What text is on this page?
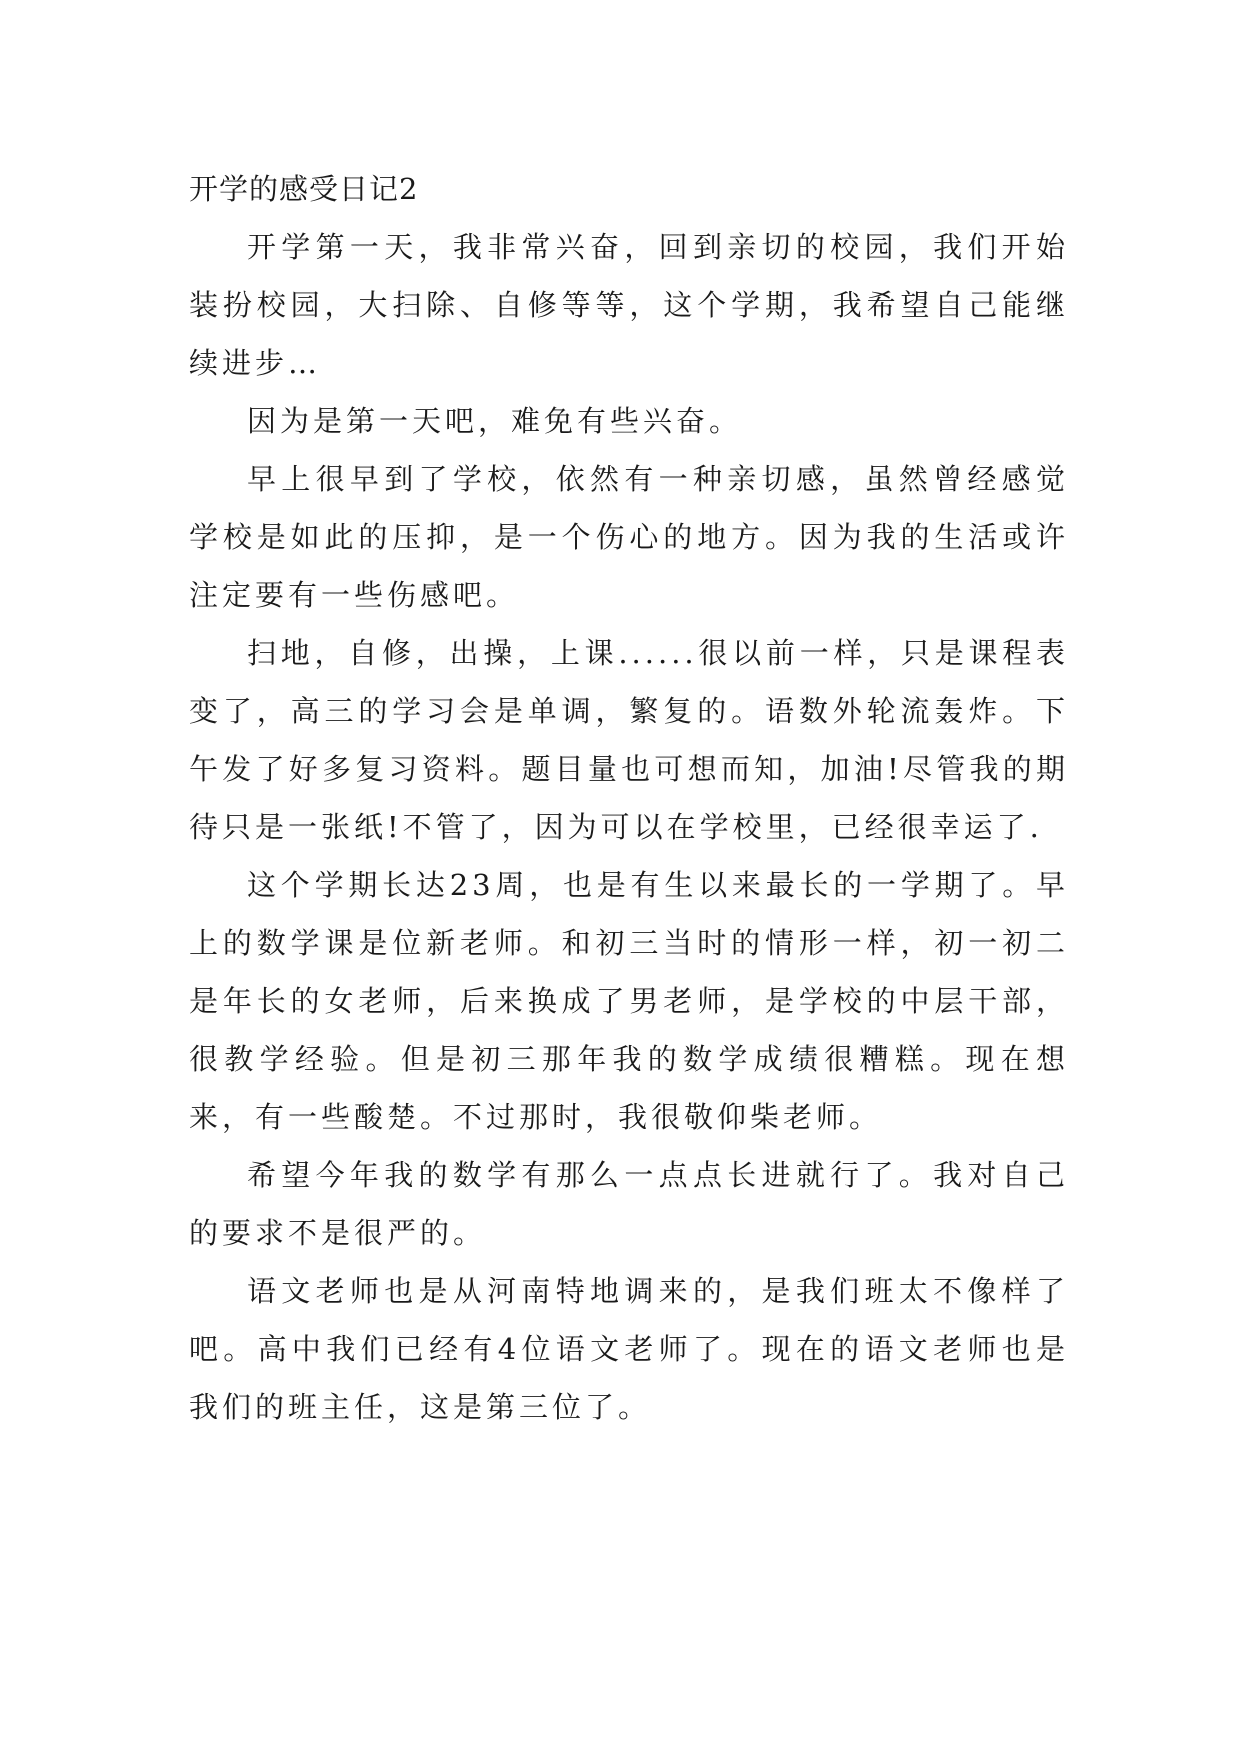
开学的感受日记2

开学第一天，我非常兴奋，回到亲切的校园，我们开始装扮校园，大扫除、自修等等，这个学期，我希望自己能继续进步…

因为是第一天吧，难免有些兴奋。

早上很早到了学校，依然有一种亲切感，虽然曾经感觉学校是如此的压抑，是一个伤心的地方。因为我的生活或许注定要有一些伤感吧。

扫地，自修，出操，上课......很以前一样，只是课程表变了，高三的学习会是单调，繁复的。语数外轮流轰炸。下午发了好多复习资料。题目量也可想而知，加油!尽管我的期待只是一张纸!不管了，因为可以在学校里，已经很幸运了.

这个学期长达23周，也是有生以来最长的一学期了。早上的数学课是位新老师。和初三当时的情形一样，初一初二是年长的女老师，后来换成了男老师，是学校的中层干部，很教学经验。但是初三那年我的数学成绩很糟糕。现在想来，有一些酸楚。不过那时，我很敬仰柴老师。

希望今年我的数学有那么一点点长进就行了。我对自己的要求不是很严的。

语文老师也是从河南特地调来的，是我们班太不像样了吧。高中我们已经有4位语文老师了。现在的语文老师也是我们的班主任，这是第三位了。
